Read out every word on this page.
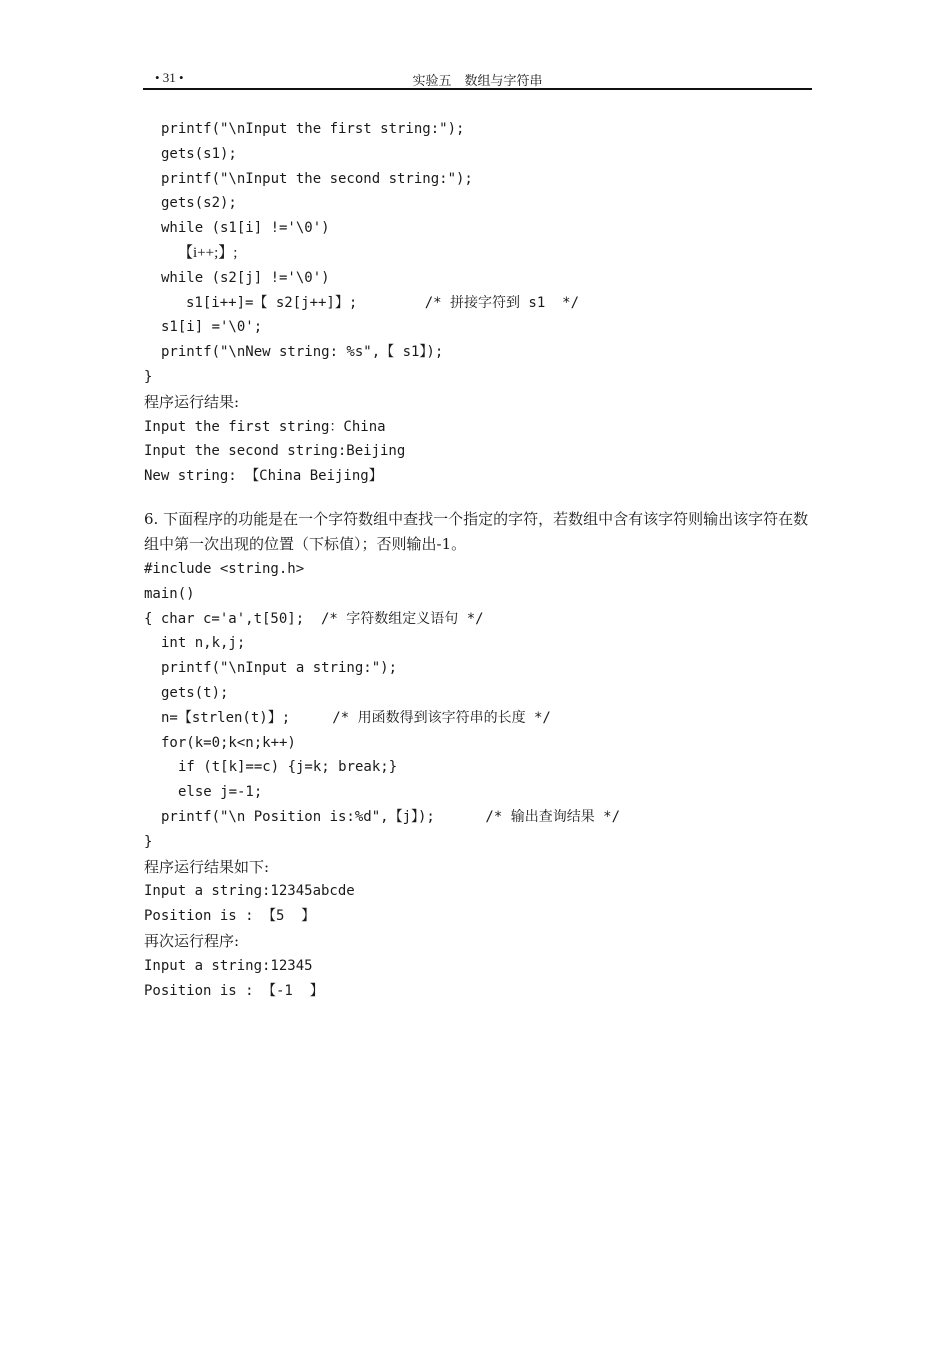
• 31 •	实验五　数组与字符串
printf("\nInput the first string:");
gets(s1);
printf("\nInput the second string:");
gets(s2);
while (s1[i] !='\0')
【i++;】;
while (s2[j] !='\0')
s1[i++]=【 s2[j++]】;        /* 拼接字符到 s1  */
s1[i] ='\0';
printf("\nNew string: %s",【 s1】);
}
程序运行结果:
Input the first string：China
Input the second string:Beijing
New string: 【China Beijing】
6. 下面程序的功能是在一个字符数组中查找一个指定的字符，若数组中含有该字符则输出该字符在数组中第一次出现的位置（下标值）；否则输出-1。
#include <string.h>
main()
{ char c='a',t[50];  /* 字符数组定义语句 */
int n,k,j;
printf("\nInput a string:");
gets(t);
n=【strlen(t)】;     /* 用函数得到该字符串的长度 */
for(k=0;k<n;k++)
if (t[k]==c) {j=k; break;}
else j=-1;
printf("\n Position is:%d",【j】);      /* 输出查询结果 */
}
程序运行结果如下:
Input a string:12345abcde
Position is : 【5  】
再次运行程序:
Input a string:12345
Position is : 【-1  】
